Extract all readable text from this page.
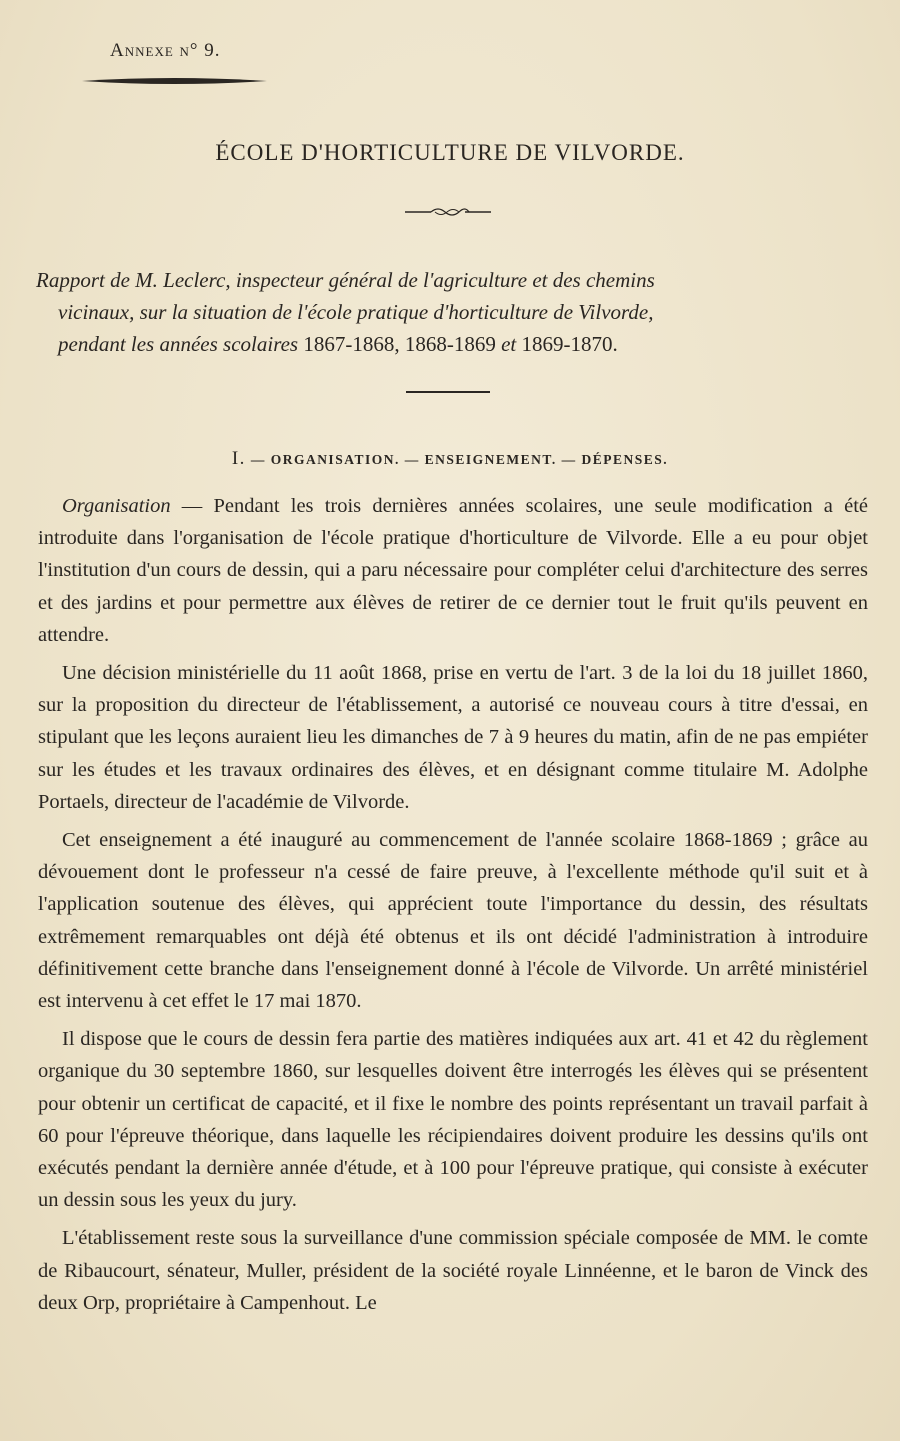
Annexe n° 9.
ÉCOLE D'HORTICULTURE DE VILVORDE.
Rapport de M. Leclerc, inspecteur général de l'agriculture et des chemins
vicinaux, sur la situation de l'école pratique d'horticulture de Vilvorde,
pendant les années scolaires 1867-1868, 1868-1869 et 1869-1870.
I. — ORGANISATION. — ENSEIGNEMENT. — DÉPENSES.

Organisation — Pendant les trois dernières années scolaires, une seule modification a été introduite dans l'organisation de l'école pratique d'horticulture de Vilvorde. Elle a eu pour objet l'institution d'un cours de dessin, qui a paru nécessaire pour compléter celui d'architecture des serres et des jardins et pour permettre aux élèves de retirer de ce dernier tout le fruit qu'ils peuvent en attendre.

Une décision ministérielle du 11 août 1868, prise en vertu de l'art. 3 de la loi du 18 juillet 1860, sur la proposition du directeur de l'établissement, a autorisé ce nouveau cours à titre d'essai, en stipulant que les leçons auraient lieu les dimanches de 7 à 9 heures du matin, afin de ne pas empiéter sur les études et les travaux ordinaires des élèves, et en désignant comme titulaire M. Adolphe Portaels, directeur de l'académie de Vilvorde.

Cet enseignement a été inauguré au commencement de l'année scolaire 1868-1869 ; grâce au dévouement dont le professeur n'a cessé de faire preuve, à l'excellente méthode qu'il suit et à l'application soutenue des élèves, qui apprécient toute l'importance du dessin, des résultats extrêmement remarquables ont déjà été obtenus et ils ont décidé l'administration à introduire définitivement cette branche dans l'enseignement donné à l'école de Vilvorde. Un arrêté ministériel est intervenu à cet effet le 17 mai 1870.

Il dispose que le cours de dessin fera partie des matières indiquées aux art. 41 et 42 du règlement organique du 30 septembre 1860, sur lesquelles doivent être interrogés les élèves qui se présentent pour obtenir un certificat de capacité, et il fixe le nombre des points représentant un travail parfait à 60 pour l'épreuve théorique, dans laquelle les récipiendaires doivent produire les dessins qu'ils ont exécutés pendant la dernière année d'étude, et à 100 pour l'épreuve pratique, qui consiste à exécuter un dessin sous les yeux du jury.

L'établissement reste sous la surveillance d'une commission spéciale composée de MM. le comte de Ribaucourt, sénateur, Muller, président de la société royale Linnéenne, et le baron de Vinck des deux Orp, propriétaire à Campenhout. Le
